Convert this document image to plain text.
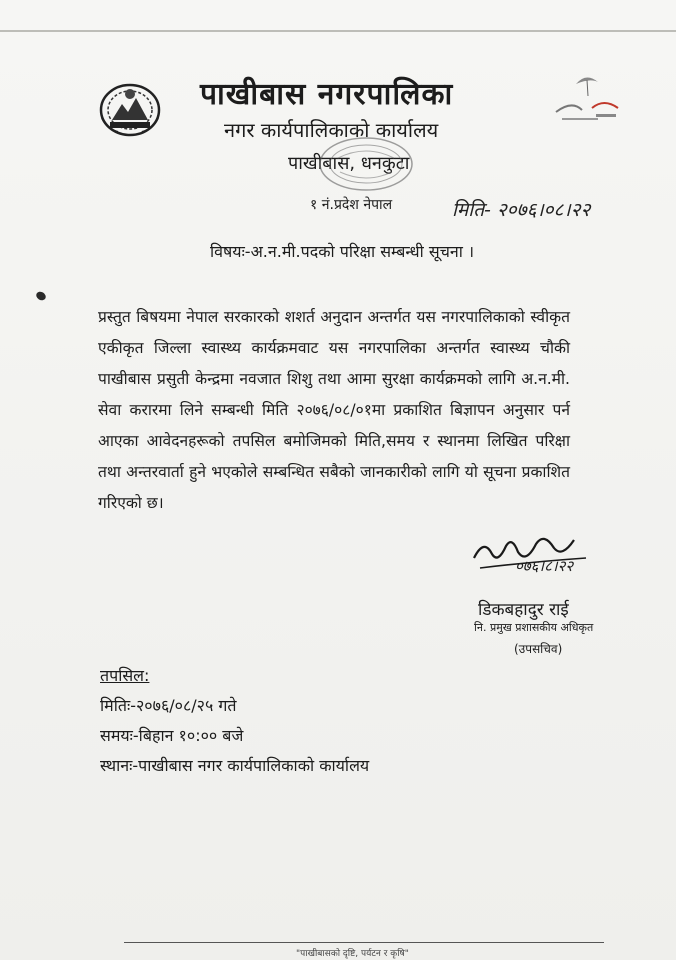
पाखीबास नगरपालिका
नगर कार्यपालिकाको कार्यालय
पाखीबास, धनकुटा
१ नं.प्रदेश नेपाल	मिति- २०७६।०८।२२
विषयः-अ.न.मी.पदको परिक्षा सम्बन्धी सूचना ।

प्रस्तुत बिषयमा नेपाल सरकारको शशर्त अनुदान अन्तर्गत यस नगरपालिकाको स्वीकृत एकीकृत जिल्ला स्वास्थ्य कार्यक्रमवाट यस नगरपालिका अन्तर्गत स्वास्थ्य चौकी पाखीबास प्रसुती केन्द्रमा नवजात शिशु तथा आमा सुरक्षा कार्यक्रमको लागि अ.न.मी. सेवा करारमा लिने सम्बन्धी मिति २०७६/०८/०१मा प्रकाशित बिज्ञापन अनुसार पर्न आएका आवेदनहरूको तपसिल बमोजिमको मिति,समय र स्थानमा लिखित परिक्षा तथा अन्तरवार्ता हुने भएकोले सम्बन्धित सबैको जानकारीको लागि यो सूचना प्रकाशित गरिएको छ।

०७६।८।२२
डिकबहादुर राई
नि. प्रमुख प्रशासकीय अधिकृत
(उपसचिव)
तपसिल:
मितिः-२०७६/०८/२५ गते
समयः-बिहान १०:०० बजे
स्थानः-पाखीबास नगर कार्यपालिकाको कार्यालय
"पाखीबासको दृष्टि, पर्यटन र कृषि"
